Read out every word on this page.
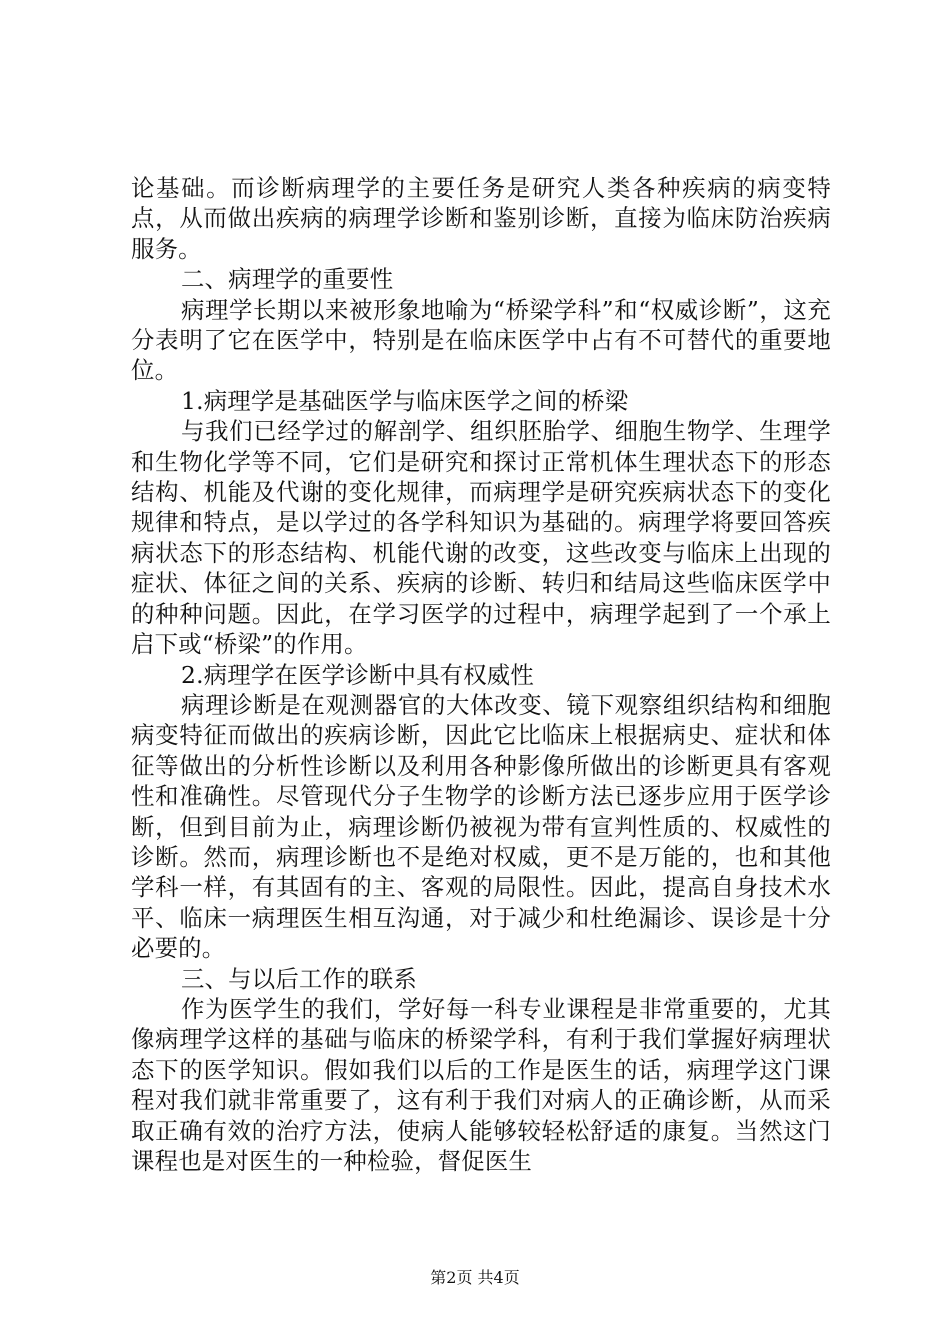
论基础。而诊断病理学的主要任务是研究人类各种疾病的病变特点，从而做出疾病的病理学诊断和鉴别诊断，直接为临床防治疾病服务。

二、病理学的重要性

病理学长期以来被形象地喻为“桥梁学科”和“权威诊断”，这充分表明了它在医学中，特别是在临床医学中占有不可替代的重要地位。

1.病理学是基础医学与临床医学之间的桥梁

与我们已经学过的解剖学、组织胚胎学、细胞生物学、生理学和生物化学等不同，它们是研究和探讨正常机体生理状态下的形态结构、机能及代谢的变化规律，而病理学是研究疾病状态下的变化规律和特点，是以学过的各学科知识为基础的。病理学将要回答疾病状态下的形态结构、机能代谢的改变，这些改变与临床上出现的症状、体征之间的关系、疾病的诊断、转归和结局这些临床医学中的种种问题。因此，在学习医学的过程中，病理学起到了一个承上启下或“桥梁”的作用。

2.病理学在医学诊断中具有权威性

病理诊断是在观测器官的大体改变、镜下观察组织结构和细胞病变特征而做出的疾病诊断，因此它比临床上根据病史、症状和体征等做出的分析性诊断以及利用各种影像所做出的诊断更具有客观性和准确性。尽管现代分子生物学的诊断方法已逐步应用于医学诊断，但到目前为止，病理诊断仍被视为带有宣判性质的、权威性的诊断。然而，病理诊断也不是绝对权威，更不是万能的，也和其他学科一样，有其固有的主、客观的局限性。因此，提高自身技术水平、临床一病理医生相互沟通，对于减少和杜绝漏诊、误诊是十分必要的。

三、与以后工作的联系

作为医学生的我们，学好每一科专业课程是非常重要的，尤其像病理学这样的基础与临床的桥梁学科，有利于我们掌握好病理状态下的医学知识。假如我们以后的工作是医生的话，病理学这门课程对我们就非常重要了，这有利于我们对病人的正确诊断，从而采取正确有效的治疗方法，使病人能够较轻松舒适的康复。当然这门课程也是对医生的一种检验，督促医生

第2页 共4页
